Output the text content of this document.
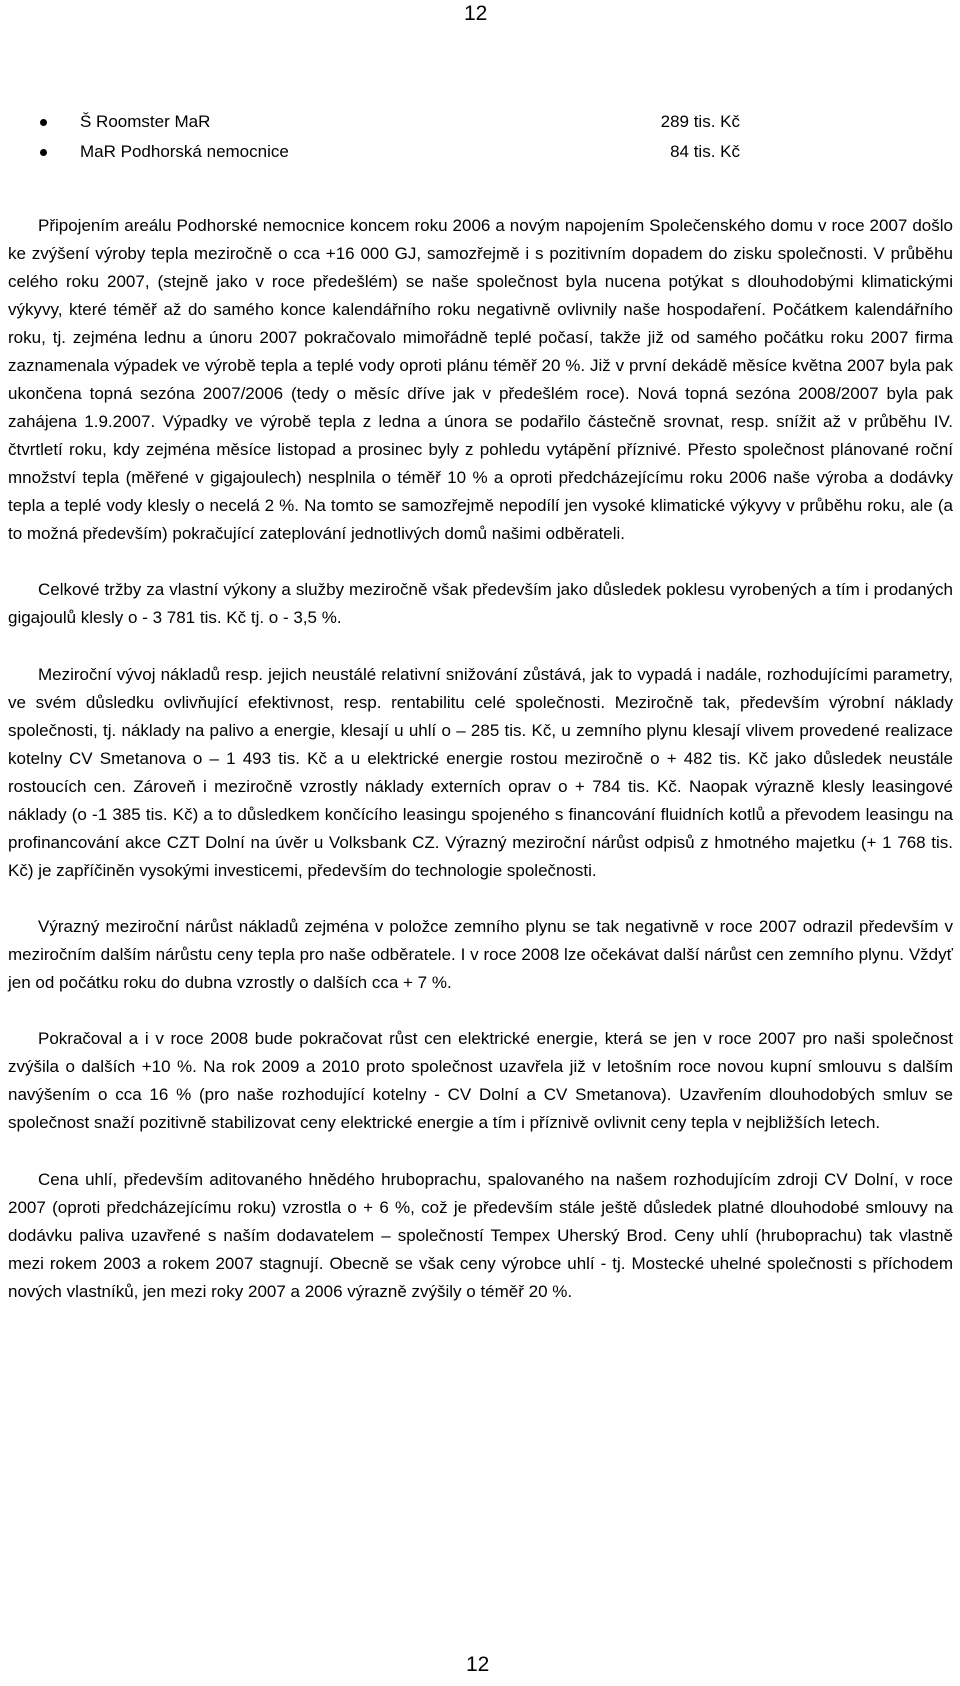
12
Š Roomster MaR	289 tis. Kč
MaR Podhorská nemocnice	84 tis. Kč

Připojením areálu Podhorské nemocnice koncem roku 2006 a novým napojením Společenského domu v roce 2007 došlo ke zvýšení výroby tepla meziročně o cca +16 000 GJ, samozřejmě i s pozitivním dopadem do zisku společnosti. V průběhu celého roku 2007, (stejně jako v roce předešlém) se naše společnost byla nucena potýkat s dlouhodobými klimatickými výkyvy, které téměř až do samého konce kalendářního roku negativně ovlivnily naše hospodaření. Počátkem kalendářního roku, tj. zejména lednu a únoru 2007 pokračovalo mimořádně teplé počasí, takže již od samého počátku roku 2007 firma zaznamenala výpadek ve výrobě tepla a teplé vody oproti plánu téměř 20 %. Již v první dekádě měsíce května 2007 byla pak ukončena topná sezóna 2007/2006 (tedy o měsíc dříve jak v předešlém roce). Nová topná sezóna 2008/2007 byla pak zahájena 1.9.2007. Výpadky ve výrobě tepla z ledna a února se podařilo částečně srovnat, resp. snížit až v průběhu IV. čtvrtletí roku, kdy zejména měsíce listopad a prosinec byly z pohledu vytápění příznivé. Přesto společnost plánované roční množství tepla (měřené v gigajoulech) nesplnila o téměř 10 % a oproti předcházejícímu roku 2006 naše výroba a dodávky tepla a teplé vody klesly o necelá 2 %. Na tomto se samozřejmě nepodílí jen vysoké klimatické výkyvy v průběhu roku, ale (a to možná především) pokračující zateplování jednotlivých domů našimi odběrateli.

Celkové tržby za vlastní výkony a služby meziročně však především jako důsledek poklesu vyrobených a tím i prodaných gigajoulů klesly o - 3 781 tis. Kč tj. o - 3,5 %.

Meziroční vývoj nákladů resp. jejich neustálé relativní snižování zůstává, jak to vypadá i nadále, rozhodujícími parametry, ve svém důsledku ovlivňující efektivnost, resp. rentabilitu celé společnosti. Meziročně tak, především výrobní náklady společnosti, tj. náklady na palivo a energie, klesají u uhlí o – 285 tis. Kč, u zemního plynu klesají vlivem provedené realizace kotelny CV Smetanova o – 1 493 tis. Kč a u elektrické energie rostou meziročně o + 482 tis. Kč jako důsledek neustále rostoucích cen. Zároveň i meziročně vzrostly náklady externích oprav o + 784 tis. Kč. Naopak výrazně klesly leasingové náklady (o -1 385 tis. Kč) a to důsledkem končícího leasingu spojeného s financování fluidních kotlů a převodem leasingu na profinancování akce CZT Dolní na úvěr u Volksbank CZ. Výrazný meziroční nárůst odpisů z hmotného majetku (+ 1 768 tis. Kč) je zapříčiněn vysokými investicemi, především do technologie společnosti.

Výrazný meziroční nárůst nákladů zejména v položce zemního plynu se tak negativně v roce 2007 odrazil především v meziročním dalším nárůstu ceny tepla pro naše odběratele. I v roce 2008 lze očekávat další nárůst cen zemního plynu. Vždyť jen od počátku roku do dubna vzrostly o dalších cca + 7 %.

Pokračoval a i v roce 2008 bude pokračovat růst cen elektrické energie, která se jen v roce 2007 pro naši společnost zvýšila o dalších +10 %. Na rok 2009 a 2010 proto společnost uzavřela již v letošním roce novou kupní smlouvu s dalším navýšením o cca 16 % (pro naše rozhodující kotelny - CV Dolní a CV Smetanova). Uzavřením dlouhodobých smluv se společnost snaží pozitivně stabilizovat ceny elektrické energie a tím i příznivě ovlivnit ceny tepla v nejbližších letech.

Cena uhlí, především aditovaného hnědého hruboprachu, spalovaného na našem rozhodujícím zdroji CV Dolní, v roce 2007 (oproti předcházejícímu roku) vzrostla o + 6 %, což je především stále ještě důsledek platné dlouhodobé smlouvy na dodávku paliva uzavřené s naším dodavatelem – společností Tempex Uherský Brod. Ceny uhlí (hruboprachu) tak vlastně mezi rokem 2003 a rokem 2007 stagnují. Obecně se však ceny výrobce uhlí - tj. Mostecké uhelné společnosti s příchodem nových vlastníků, jen mezi roky 2007 a 2006 výrazně zvýšily o téměř 20 %.

12
